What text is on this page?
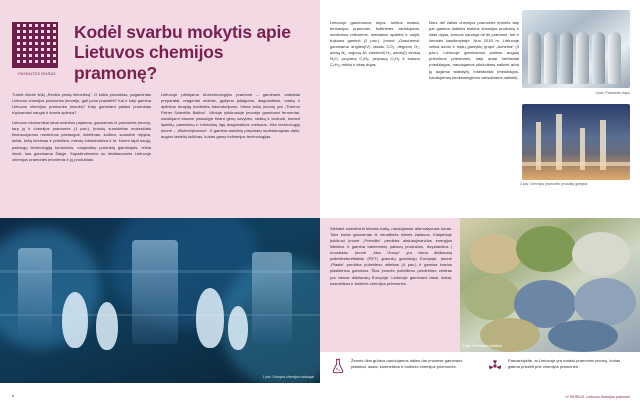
PASKAITOS ĮRAŠAS
Kodėl svarbu mokytis apie Lietuvos chemijos pramonę?

Turbūt žinote šūkį „Renkis prekę lietuvišką“. O kokis produktas, pagamintas Lietuvos chemijos pramonės įmonėje, gali jums prasidėti? Kai ir kaip gamina Lietuvos chemijos pramonės įmonės? Kaip gaminant paskui produktas rūpinamasi saugia ir švaria aplinka?

Lietuvos ekonomikai labai svarbios pajamos, gaunamos iš pramonės įmonių, tarp jų ir chemijos pramonės (1 pav.). Įmonių sumokėtas mokesčiais finansuojamos medicinos paslaugos, švietimas, kultūra, socialinė rūpyba, keliai, kelių tiesimas ir priežiūra, miestų infrastruktūra ir kt. Norint tapti naują, pažangų technologiją kuriančios, naujoviškų produktų gaminojais, reikia žinoti, kas gaminama Šalyje. Supažindinsime su išsidiaunomis Lietuvoje chemijos pramonės įmonėmis ir jų produktais.

Lietuvoje plėtojama biotechnologijos pramonė – gaminami vaistiniai preparatai, reagentai moksle, gydymo įstaigoms, diagnostikos, vaistų ir aplinkos terapiją kontrolės laboratorijoms. Viena tokių įmonių yra „Thermo Fisher Scientific Baltics“. Vilniuje įsikūrusioje įmonėje gaminami fermentai, naudojami visame pasaulyje tiriant genų savybes, raišką ir izoliuoti, kuriant ląstelių, pavelsimų ir infekcinių ligų diagnostikos metodus. Kita technologijų įmonė – „Biotechpharma“. Ji gamina vaistinių preparatų sudedamąsias dalis, augino lastelių kultūras, kurias gamy indinerijos technologijas.

1 pav. Gamyba chemijos katalogai
6

Lietuvoje gaminamos dujos, skirtos maisto, fermacijos pramonei, buitinėms vartotojams, medicinos reikmėms, metalams apdirbti ir valyti, trąšoms gaminti (2 pav.). Įmonė „Gaschema“ gaminama anglies(IV) oksido CO₂, deguonį O₂, azotą N₂, argoną Ar, vandenilį H₂, azoto(I) oksidą N₂O, propaną C₃H₈, propaną C₃H₈ ir butano C₄H₁₀ mišinį ir kitas dujas.

Nors dėl žalias chemijos pramonės įmonės taip pat gamina didelius kiekius chemijos produktų ir kitas dujas, kuriuos naudoja ne tik pramonė, bet ir žmonės kasdienybėje. Nuo 2015 m. Lietuvoje veikia azoto ir trąšų gamyklų grupė „Achema“ (3 pav.). Lietuvoje gaminamos įvairios augalų priežiūros priemonės, kaip antai herbicidai (medžiagos, naudojamos piktžolėms naikinti arba jų augimui stabdyti), insekticidai (medžiagos, naudojamos kenksmingiems vabzdžiams naikinti).

2 pav. Pramonės dujos
3 pav. Chemijos pramonės produktų gamyba

Siekiant sušvelninti klimato kaitą, naudojamas alternatyvusis kuras. Toks kuras gaunamas iš nenaftinės kilmės žaliavos. Klaipėdoje įsikūrusi įmonė „Priestilis“ perdirba atsinaujinančius energijos išteklius ir gamina bahteminių paliavų produktus, išvystančius į nuosėdas. Įmonė „Neo Group“ yra viena didžiausių polietilentereftalato (PET) granulių gamintojų Europoje. Įmonė „Plasta“ perdirba polietileno atliekas (4 pav.) ir gamina tvarius plastikinius gaminius. Šios įmonės polietileno perdirbimo centras yra vienas didžiausių Europoje. Lietuvoje gaminami lakai, dažai, kosmetikos ir buitinės chemijos priemonės.

4 pav. Perdirbami plastikai
Žemės ūkio grūdus naudojamos dalies dar įmonėse gaminami plastikai, dažai, kosmetikos ir buitinės chemijos priemonės.
Pasvarstykite, ar Lietuvoje yra maisto pramonės įmonių, kurias galima priskirti prie chemijos pramonės.
IV SKIRIUS. Lietuvos chemijos pramonė
